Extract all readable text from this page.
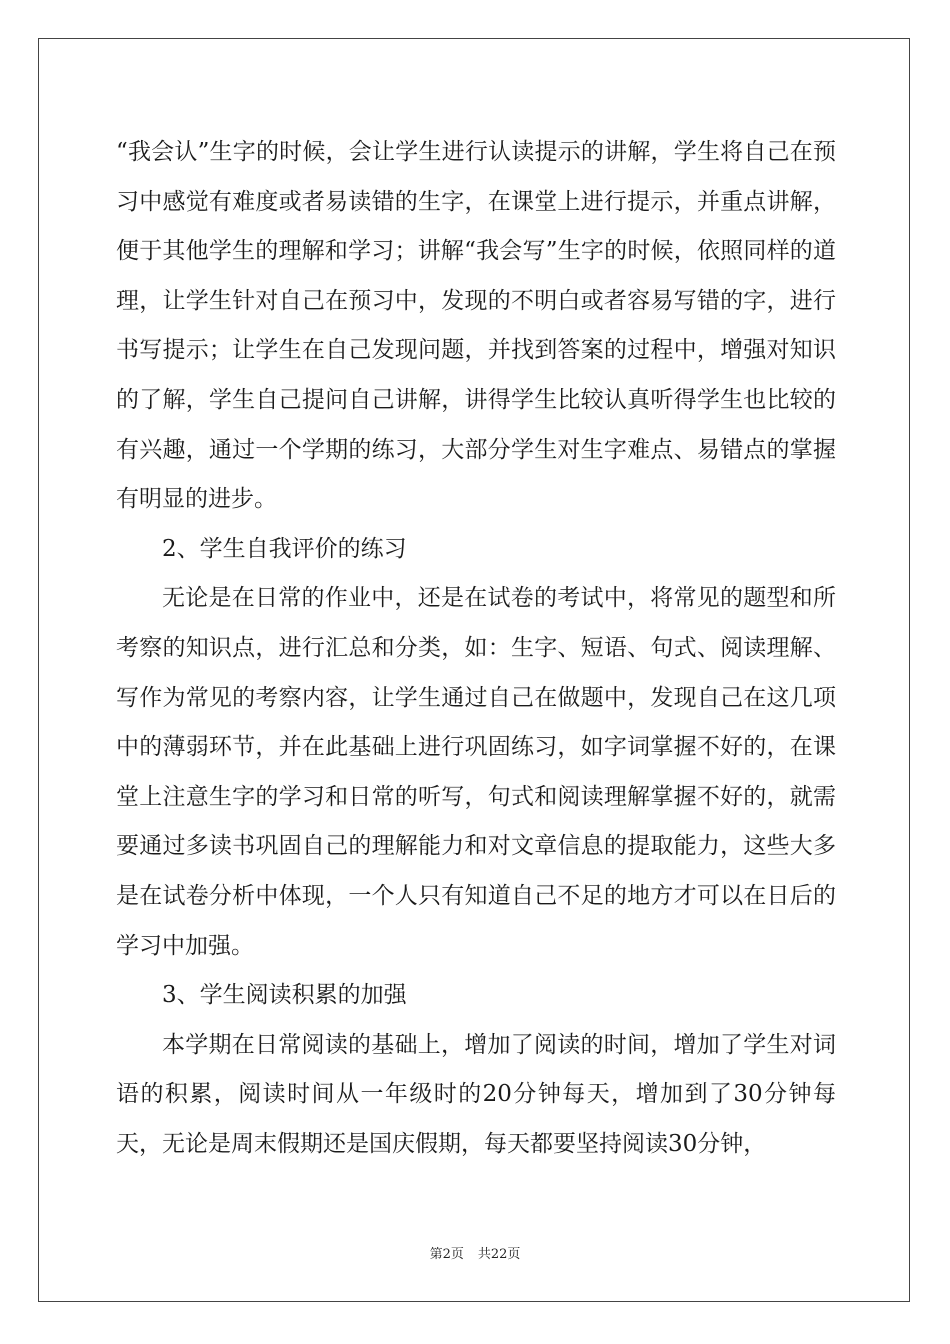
“我会认”生字的时候，会让学生进行认读提示的讲解，学生将自己在预习中感觉有难度或者易读错的生字，在课堂上进行提示，并重点讲解，便于其他学生的理解和学习；讲解“我会写”生字的时候，依照同样的道理，让学生针对自己在预习中，发现的不明白或者容易写错的字，进行书写提示；让学生在自己发现问题，并找到答案的过程中，增强对知识的了解，学生自己提问自己讲解，讲得学生比较认真听得学生也比较的有兴趣，通过一个学期的练习，大部分学生对生字难点、易错点的掌握有明显的进步。

2、学生自我评价的练习

无论是在日常的作业中，还是在试卷的考试中，将常见的题型和所考察的知识点，进行汇总和分类，如：生字、短语、句式、阅读理解、写作为常见的考察内容，让学生通过自己在做题中，发现自己在这几项中的薄弱环节，并在此基础上进行巩固练习，如字词掌握不好的，在课堂上注意生字的学习和日常的听写，句式和阅读理解掌握不好的，就需要通过多读书巩固自己的理解能力和对文章信息的提取能力，这些大多是在试卷分析中体现，一个人只有知道自己不足的地方才可以在日后的学习中加强。

3、学生阅读积累的加强

本学期在日常阅读的基础上，增加了阅读的时间，增加了学生对词语的积累，阅读时间从一年级时的20分钟每天，增加到了30分钟每天，无论是周末假期还是国庆假期，每天都要坚持阅读30分钟，

第2页 共22页
